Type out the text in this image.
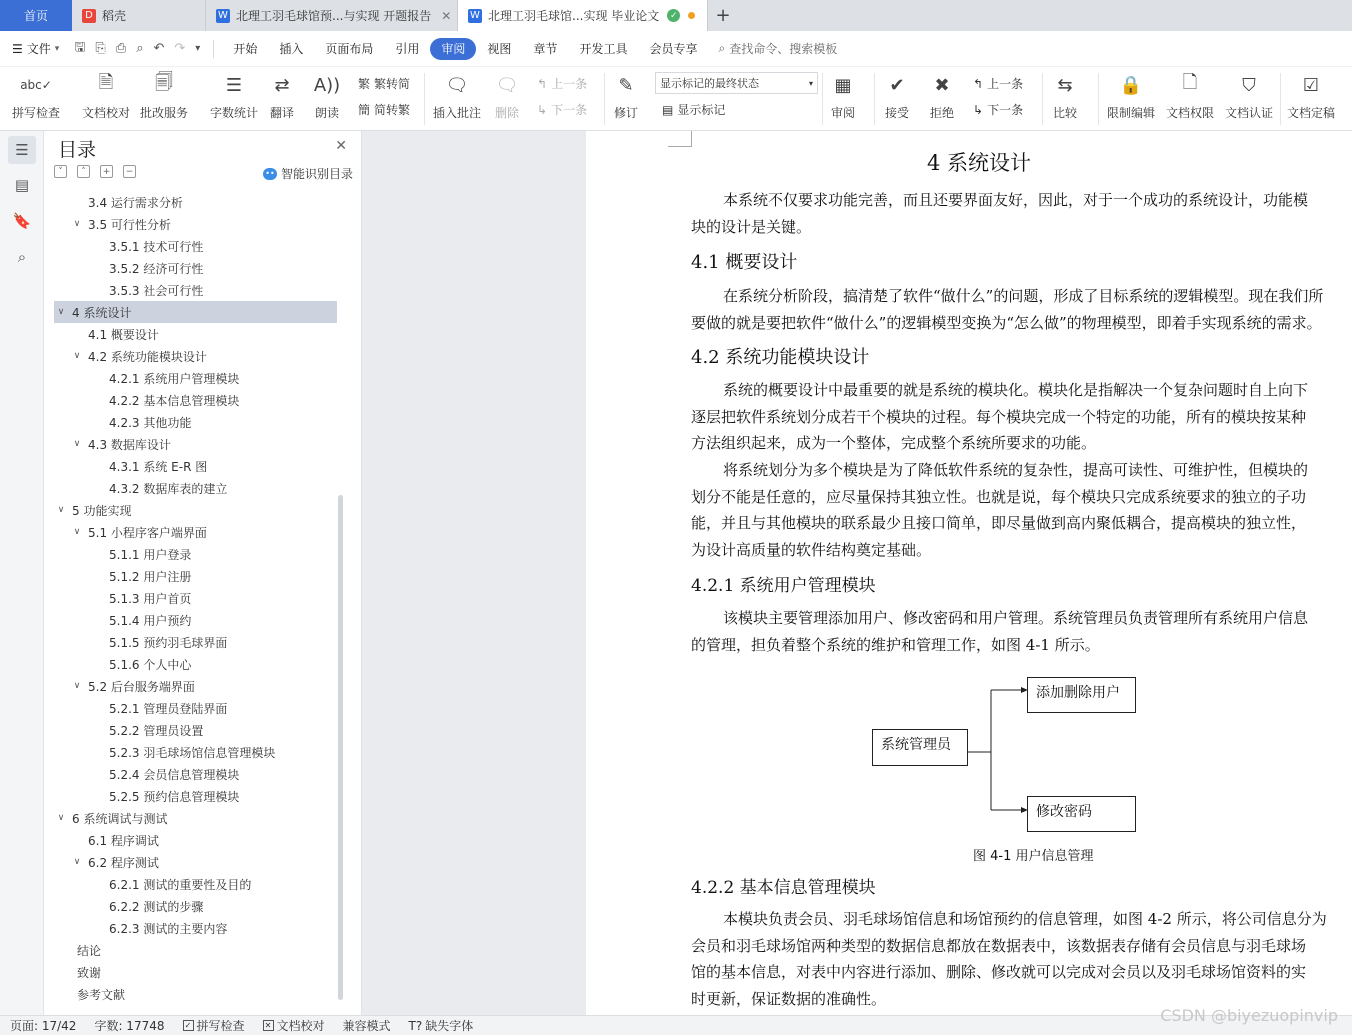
首页	D 稻壳	W 北理工羽毛球馆预...与实现 开题报告 ✕ W 北理工羽毛球馆...实现 毕业论文	✓	+
☰ 文件 ▾ 🖫 ⎘ ⎙ ⌕ ↶ ↷ ▾	开始	插入	页面布局	引用	审阅	视图	章节	开发工具	会员专享	⌕ 查找命令、搜索模板
abc✓
拼写检查
🗎
文档校对
🗐
批改服务
☰
字数统计
⇄
翻译
A))
朗读
繁 繁转简
簡 简转繁
🗨
插入批注
🗨
删除
↰ 上一条
↳ 下一条
✎
修订
显示标记的最终状态	▾
▤ 显示标记
▦
审阅
✔
接受
✖
拒绝
↰ 上一条
↳ 下一条
⇆
比较
🔒
限制编辑
🗋
文档权限
⛉
文档认证
☑
文档定稿
☰
▤
🔖
⌕
目录	✕
˅	˄	+	−	•• 智能识别目录
3.4 运行需求分析
∨ 3.5 可行性分析
3.5.1 技术可行性
3.5.2 经济可行性
3.5.3 社会可行性
∨ 4 系统设计
4.1 概要设计
∨ 4.2 系统功能模块设计
4.2.1 系统用户管理模块
4.2.2 基本信息管理模块
4.2.3 其他功能
∨ 4.3 数据库设计
4.3.1 系统 E-R 图
4.3.2 数据库表的建立
∨ 5 功能实现
∨ 5.1 小程序客户端界面
5.1.1 用户登录
5.1.2 用户注册
5.1.3 用户首页
5.1.4 用户预约
5.1.5 预约羽毛球界面
5.1.6 个人中心
∨ 5.2 后台服务端界面
5.2.1 管理员登陆界面
5.2.2 管理员设置
5.2.3 羽毛球场馆信息管理模块
5.2.4 会员信息管理模块
5.2.5 预约信息管理模块
∨ 6 系统调试与测试
6.1 程序调试
∨ 6.2 程序测试
6.2.1 测试的重要性及目的
6.2.2 测试的步骤
6.2.3 测试的主要内容
结论
致谢
参考文献
4 系统设计
本系统不仅要求功能完善，而且还要界面友好，因此，对于一个成功的系统设计，功能模
块的设计是关键。
4.1 概要设计
在系统分析阶段，搞清楚了软件“做什么”的问题，形成了目标系统的逻辑模型。现在我们所
要做的就是要把软件“做什么”的逻辑模型变换为“怎么做”的物理模型，即着手实现系统的需求。
4.2 系统功能模块设计
系统的概要设计中最重要的就是系统的模块化。模块化是指解决一个复杂问题时自上向下
逐层把软件系统划分成若干个模块的过程。每个模块完成一个特定的功能，所有的模块按某种
方法组织起来，成为一个整体，完成整个系统所要求的功能。
将系统划分为多个模块是为了降低软件系统的复杂性，提高可读性、可维护性，但模块的
划分不能是任意的，应尽量保持其独立性。也就是说，每个模块只完成系统要求的独立的子功
能，并且与其他模块的联系最少且接口简单，即尽量做到高内聚低耦合，提高模块的独立性，
为设计高质量的软件结构奠定基础。
4.2.1 系统用户管理模块
该模块主要管理添加用户、修改密码和用户管理。系统管理员负责管理所有系统用户信息
的管理，担负着整个系统的维护和管理工作，如图 4-1 所示。
系统管理员
添加删除用户
修改密码
图 4-1 用户信息管理
4.2.2 基本信息管理模块
本模块负责会员、羽毛球场馆信息和场馆预约的信息管理，如图 4-2 所示，将公司信息分为
会员和羽毛球场馆两种类型的数据信息都放在数据表中，该数据表存储有会员信息与羽毛球场
馆的基本信息，对表中内容进行添加、删除、修改就可以完成对会员以及羽毛球场馆资料的实
时更新，保证数据的准确性。
页面: 17/42 字数: 17748	✓ 拼写检查	✕ 文档校对 兼容模式 T? 缺失字体
CSDN @biyezuopinvip
